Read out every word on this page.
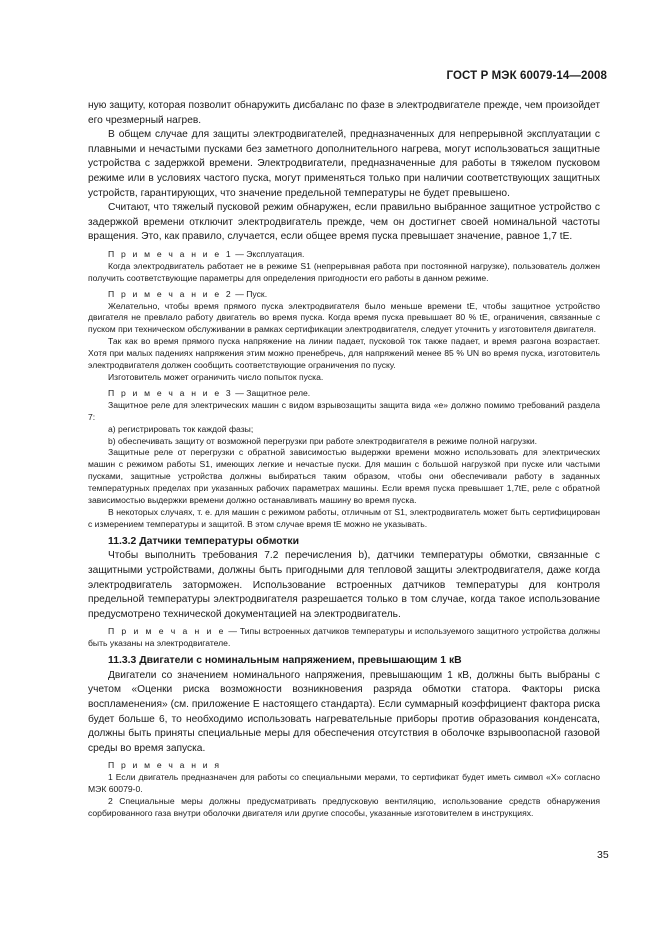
ГОСТ Р МЭК 60079-14—2008

ную защиту, которая позволит обнаружить дисбаланс по фазе в электродвигателе прежде, чем произойдет его чрезмерный нагрев.

В общем случае для защиты электродвигателей, предназначенных для непрерывной эксплуатации с плавными и нечастыми пусками без заметного дополнительного нагрева, могут использоваться защитные устройства с задержкой времени. Электродвигатели, предназначенные для работы в тяжелом пусковом режиме или в условиях частого пуска, могут применяться только при наличии соответствующих защитных устройств, гарантирующих, что значение предельной температуры не будет превышено.

Считают, что тяжелый пусковой режим обнаружен, если правильно выбранное защитное устройство с задержкой времени отключит электродвигатель прежде, чем он достигнет своей номинальной частоты вращения. Это, как правило, случается, если общее время пуска превышает значение, равное 1,7 tE.

П р и м е ч а н и е 1 — Эксплуатация.

Когда электродвигатель работает не в режиме S1 (непрерывная работа при постоянной нагрузке), пользователь должен получить соответствующие параметры для определения пригодности его работы в данном режиме.

П р и м е ч а н и е 2 — Пуск.

Желательно, чтобы время прямого пуска электродвигателя было меньше времени tE, чтобы защитное устройство двигателя не превлало работу двигатель во время пуска. Когда время пуска превышает 80 % tE, ограничения, связанные с пуском при техническом обслуживании в рамках сертификации электродвигателя, следует уточнить у изготовителя двигателя.

Так как во время прямого пуска напряжение на линии падает, пусковой ток также падает, и время разгона возрастает. Хотя при малых падениях напряжения этим можно пренебречь, для напряжений менее 85 % UN во время пуска, изготовитель электродвигателя должен сообщить соответствующие ограничения по пуску.

Изготовитель может ограничить число попыток пуска.

П р и м е ч а н и е 3 — Защитное реле.

Защитное реле для электрических машин с видом взрывозащиты защита вида «е» должно помимо требований раздела 7:

а) регистрировать ток каждой фазы;

b) обеспечивать защиту от возможной перегрузки при работе электродвигателя в режиме полной нагрузки.

Защитные реле от перегрузки с обратной зависимостью выдержки времени можно использовать для электрических машин с режимом работы S1, имеющих легкие и нечастые пуски. Для машин с большой нагрузкой при пуске или частыми пусками, защитные устройства должны выбираться таким образом, чтобы они обеспечивали работу в заданных температурных пределах при указанных рабочих параметрах машины. Если время пуска превышает 1,7tE, реле с обратной зависимостью выдержки времени должно останавливать машину во время пуска.

В некоторых случаях, т. е. для машин с режимом работы, отличным от S1, электродвигатель может быть сертифицирован с измерением температуры и защитой. В этом случае время tE можно не указывать.

11.3.2 Датчики температуры обмотки

Чтобы выполнить требования 7.2 перечисления b), датчики температуры обмотки, связанные с защитными устройствами, должны быть пригодными для тепловой защиты электродвигателя, даже когда электродвигатель заторможен. Использование встроенных датчиков температуры для контроля предельной температуры электродвигателя разрешается только в том случае, когда такое использование предусмотрено технической документацией на электродвигатель.

П р и м е ч а н и е — Типы встроенных датчиков температуры и используемого защитного устройства должны быть указаны на электродвигателе.

11.3.3 Двигатели с номинальным напряжением, превышающим 1 кВ

Двигатели со значением номинального напряжения, превышающим 1 кВ, должны быть выбраны с учетом «Оценки риска возможности возникновения разряда обмотки статора. Факторы риска воспламенения» (см. приложение Е настоящего стандарта). Если суммарный коэффициент фактора риска будет больше 6, то необходимо использовать нагревательные приборы против образования конденсата, должны быть приняты специальные меры для обеспечения отсутствия в оболочке взрывоопасной газовой среды во время запуска.

П р и м е ч а н и я

1 Если двигатель предназначен для работы со специальными мерами, то сертификат будет иметь символ «X» согласно МЭК 60079-0.

2 Специальные меры должны предусматривать предпусковую вентиляцию, использование средств обнаружения сорбированного газа внутри оболочки двигателя или другие способы, указанные изготовителем в инструкциях.

35
